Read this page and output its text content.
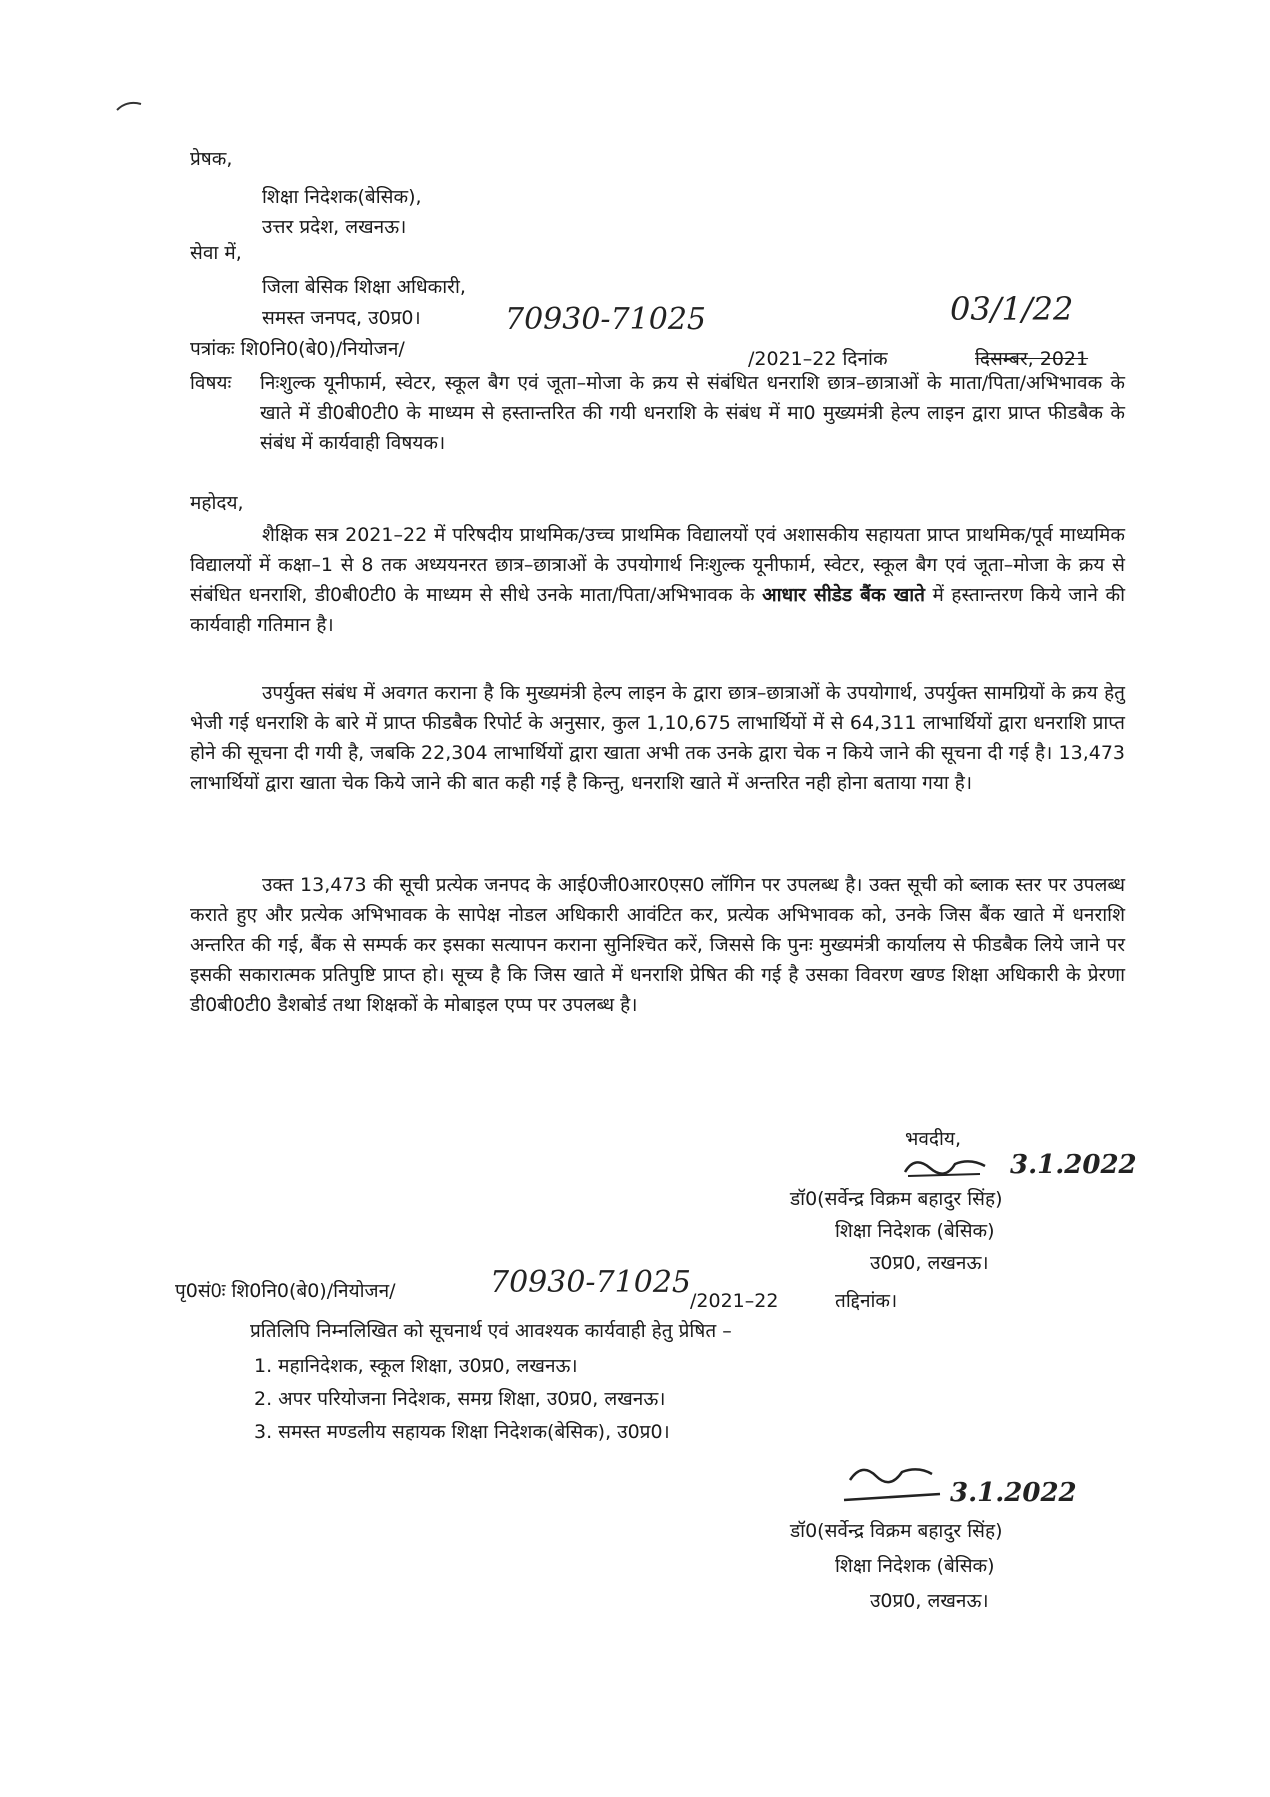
प्रेषक,
शिक्षा निदेशक(बेसिक),
उत्तर प्रदेश, लखनऊ।
सेवा में,
जिला बेसिक शिक्षा अधिकारी,
समस्त जनपद, उ0प्र0।	70930-71025	03/1/22
पत्रांकः शि0नि0(बे0)/नियोजन/	/2021–22 दिनांक	दिसम्बर, 2021
विषयः निःशुल्क यूनीफार्म, स्वेटर, स्कूल बैग एवं जूता–मोजा के क्रय से संबंधित धनराशि छात्र–छात्राओं के माता/पिता/अभिभावक के खाते में डी0बी0टी0 के माध्यम से हस्तान्तरित की गयी धनराशि के संबंध में मा0 मुख्यमंत्री हेल्प लाइन द्वारा प्राप्त फीडबैक के संबंध में कार्यवाही विषयक।
महोदय,
शैक्षिक सत्र 2021–22 में परिषदीय प्राथमिक/उच्च प्राथमिक विद्यालयों एवं अशासकीय सहायता प्राप्त प्राथमिक/पूर्व माध्यमिक विद्यालयों में कक्षा–1 से 8 तक अध्ययनरत छात्र–छात्राओं के उपयोगार्थ निःशुल्क यूनीफार्म, स्वेटर, स्कूल बैग एवं जूता–मोजा के क्रय से संबंधित धनराशि, डी0बी0टी0 के माध्यम से सीधे उनके माता/पिता/अभिभावक के आधार सीडेड बैंक खाते में हस्तान्तरण किये जाने की कार्यवाही गतिमान है।
उपर्युक्त संबंध में अवगत कराना है कि मुख्यमंत्री हेल्प लाइन के द्वारा छात्र–छात्राओं के उपयोगार्थ, उपर्युक्त सामग्रियों के क्रय हेतु भेजी गई धनराशि के बारे में प्राप्त फीडबैक रिपोर्ट के अनुसार, कुल 1,10,675 लाभार्थियों में से 64,311 लाभार्थियों द्वारा धनराशि प्राप्त होने की सूचना दी गयी है, जबकि 22,304 लाभार्थियों द्वारा खाता अभी तक उनके द्वारा चेक न किये जाने की सूचना दी गई है। 13,473 लाभार्थियों द्वारा खाता चेक किये जाने की बात कही गई है किन्तु, धनराशि खाते में अन्तरित नही होना बताया गया है।
उक्त 13,473 की सूची प्रत्येक जनपद के आई0जी0आर0एस0 लॉगिन पर उपलब्ध है। उक्त सूची को ब्लाक स्तर पर उपलब्ध कराते हुए और प्रत्येक अभिभावक के सापेक्ष नोडल अधिकारी आवंटित कर, प्रत्येक अभिभावक को, उनके जिस बैंक खाते में धनराशि अन्तरित की गई, बैंक से सम्पर्क कर इसका सत्यापन कराना सुनिश्चित करें, जिससे कि पुनः मुख्यमंत्री कार्यालय से फीडबैक लिये जाने पर इसकी सकारात्मक प्रतिपुष्टि प्राप्त हो। सूच्य है कि जिस खाते में धनराशि प्रेषित की गई है उसका विवरण खण्ड शिक्षा अधिकारी के प्रेरणा डी0बी0टी0 डैशबोर्ड तथा शिक्षकों के मोबाइल एप्प पर उपलब्ध है।
भवदीय,
3.1.2022
डॉ0(सर्वेन्द्र विक्रम बहादुर सिंह)
शिक्षा निदेशक (बेसिक)
उ0प्र0, लखनऊ।
पृ0सं0ः शि0नि0(बे0)/नियोजन/	70930-71025
/2021–22	तद्दिनांक।
प्रतिलिपि निम्नलिखित को सूचनार्थ एवं आवश्यक कार्यवाही हेतु प्रेषित –
1. महानिदेशक, स्कूल शिक्षा, उ0प्र0, लखनऊ।
2. अपर परियोजना निदेशक, समग्र शिक्षा, उ0प्र0, लखनऊ।
3. समस्त मण्डलीय सहायक शिक्षा निदेशक(बेसिक), उ0प्र0।
3.1.2022
डॉ0(सर्वेन्द्र विक्रम बहादुर सिंह)
शिक्षा निदेशक (बेसिक)
उ0प्र0, लखनऊ।
